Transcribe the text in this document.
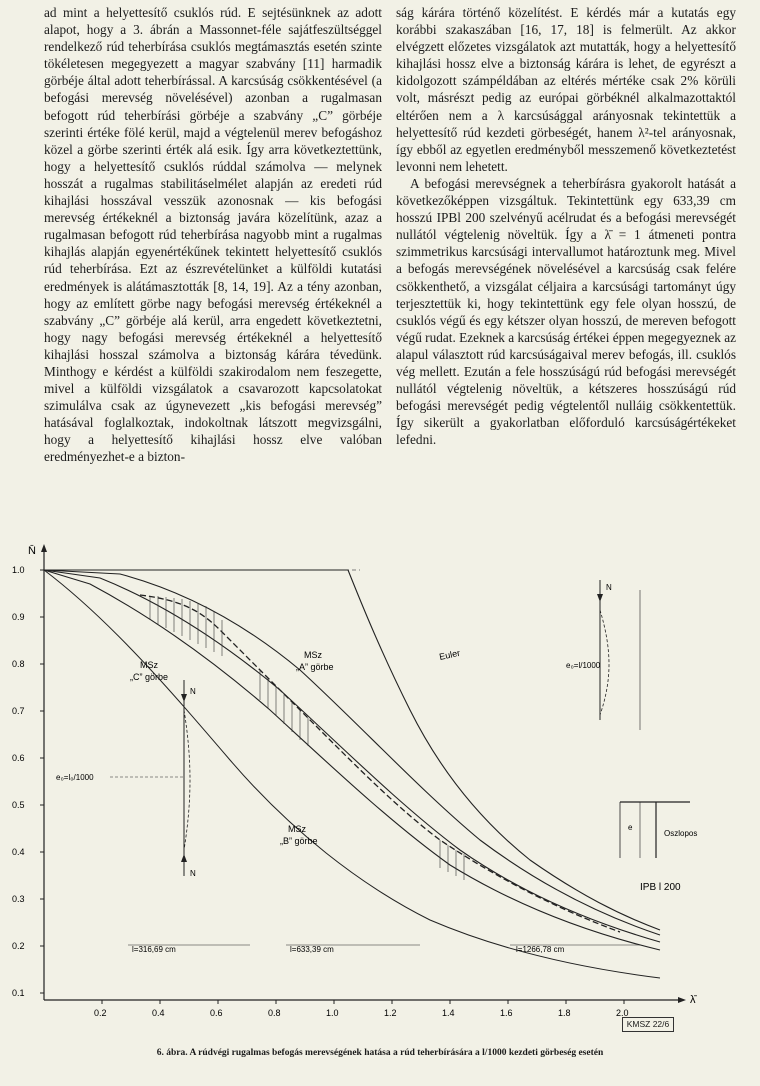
ad mint a helyettesítő csuklós rúd. E sejtésünknek az adott alapot, hogy a 3. ábrán a Massonnet-féle sajátfeszültséggel rendelkező rúd teherbírása csuklós megtámasztás esetén szinte tökéletesen megegyezett a magyar szabvány [11] harmadik görbéje által adott teherbírással. A karcsúság csökkentésével (a befogási merevség növelésével) azonban a rugalmasan befogott rúd teherbírási görbéje a szabvány „C” görbéje szerinti értéke fölé kerül, majd a végtelenül merev befogáshoz közel a görbe szerinti érték alá esik. Így arra következtettünk, hogy a helyettesítő csuklós rúddal számolva — melynek hosszát a rugalmas stabilitáselmélet alapján az eredeti rúd kihajlási hosszával vesszük azonosnak — kis befogási merevség értékeknél a biztonság javára közelítünk, azaz a rugalmasan befogott rúd teherbírása nagyobb mint a rugalmas kihajlás alapján egyenértékűnek tekintett helyettesítő csuklós rúd teherbírása. Ezt az észrevételünket a külföldi kutatási eredmények is alátámasztották [8, 14, 19]. Az a tény azonban, hogy az említett görbe nagy befogási merevség értékeknél a szabvány „C” görbéje alá kerül, arra engedett következtetni, hogy nagy befogási merevség értékeknél a helyettesítő kihajlási hosszal számolva a biztonság kárára tévedünk. Minthogy e kérdést a külföldi szakirodalom nem feszegette, mivel a külföldi vizsgálatok a csavarozott kapcsolatokat szimulálva csak az úgynevezett „kis befogási merevség” hatásával foglalkoztak, indokoltnak látszott megvizsgálni, hogy a helyettesítő kihajlási hossz elve valóban eredményezhet-e a bizton-

ság kárára történő közelítést. E kérdés már a kutatás egy korábbi szakaszában [16, 17, 18] is felmerült. Az akkor elvégzett előzetes vizsgálatok azt mutatták, hogy a helyettesítő kihajlási hossz elve a biztonság kárára is lehet, de egyrészt a kidolgozott számpéldában az eltérés mértéke csak 2% körüli volt, másrészt pedig az európai görbéknél alkalmazottaktól eltérően nem a λ karcsúsággal arányosnak tekintettük a helyettesítő rúd kezdeti görbeségét, hanem λ²-tel arányosnak, így ebből az egyetlen eredményből messzemenő következtetést levonni nem lehetett.

A befogási merevségnek a teherbírásra gyakorolt hatását a következőképpen vizsgáltuk. Tekintettünk egy 633,39 cm hosszú IPBl 200 szelvényű acélrudat és a befogási merevségét nullától végtelenig növeltük. Így a λ̄ = 1 átmeneti pontra szimmetrikus karcsúsági intervallumot határoztunk meg. Mivel a befogás merevségének növelésével a karcsúság csak felére csökkenthető, a vizsgálat céljaira a karcsúsági tartományt úgy terjesztettük ki, hogy tekintettünk egy fele olyan hosszú, de csuklós végű és egy kétszer olyan hosszú, de mereven befogott végű rudat. Ezeknek a karcsúság értékei éppen megegyeznek az alapul választott rúd karcsúságaival merev befogás, ill. csuklós vég mellett. Ezután a fele hosszúságú rúd befogási merevségét nullától végtelenig növeltük, a kétszeres hosszúságú rúd befogási merevségét pedig végtelentől nulláig csökkentettük. Így sikerült a gyakorlatban előforduló karcsúságértékeket lefedni.

N̄
λ̄
1.0
0.9
0.8
0.7
0.6
0.5
0.4
0.3
0.2
0.1
0.2	0.4	0.6	0.8	1.0	1.2	1.4	1.6	1.8	2.0
MSz
„C” görbe
MSz
„A” görbe
MSz
„B” görbe
Euler
N
N
e₀=l₀/1000
N
e₀=l/1000
e
Oszlopos
IPB l 200
l=316,69 cm	l=633,39 cm	l=1266,78 cm
KMSZ 22/6
6. ábra. A rúdvégi rugalmas befogás merevségének hatása a rúd teherbírására a l/1000 kezdeti görbeség esetén
